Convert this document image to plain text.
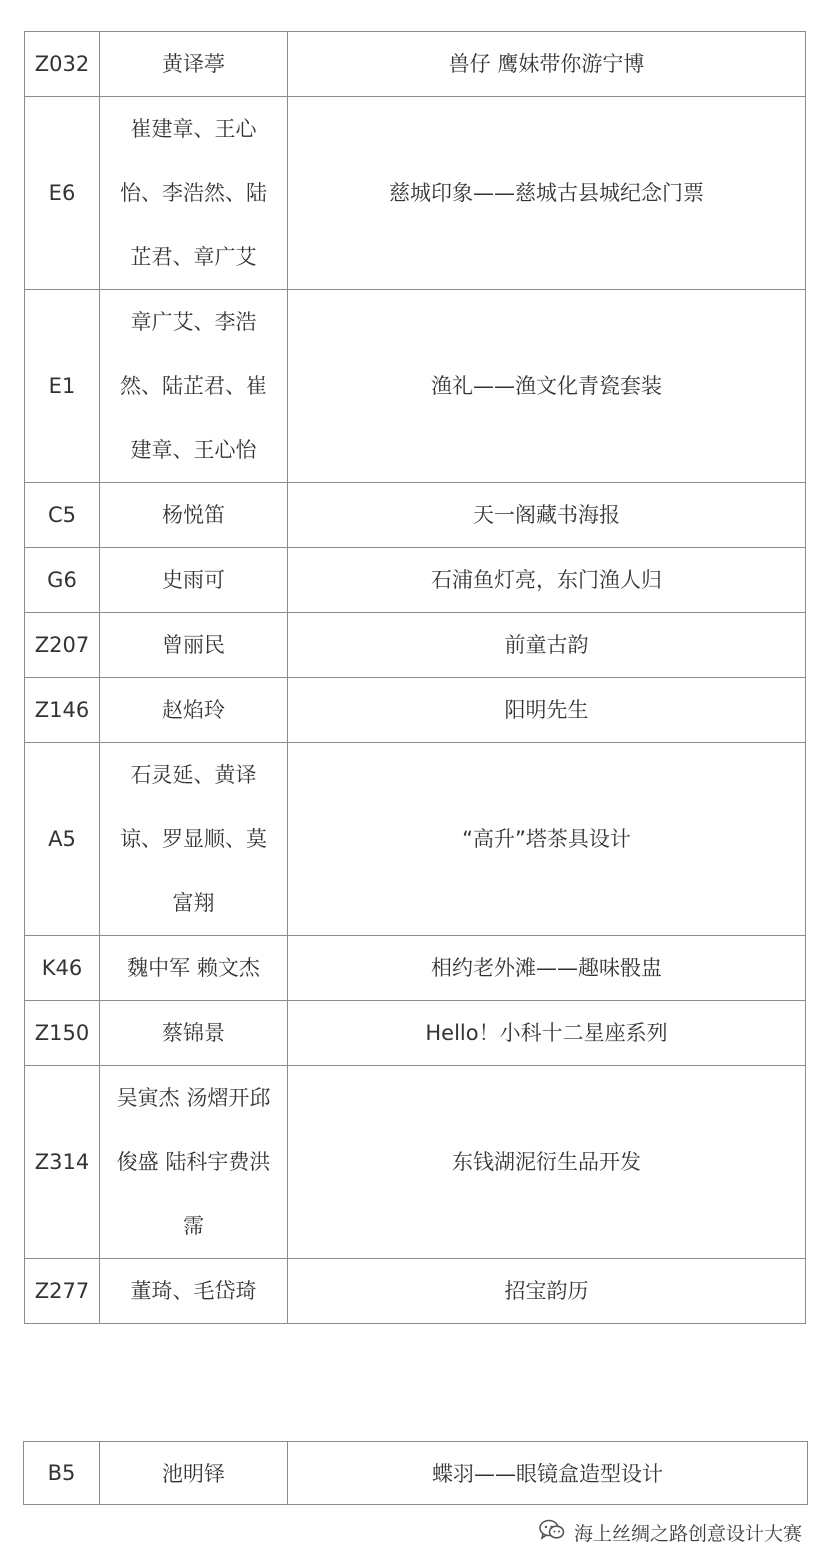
Z032	黄译葶	兽仔 鹰妹带你游宁博
E6	崔建章、王心怡、李浩然、陆芷君、章广艾	慈城印象——慈城古县城纪念门票
E1	章广艾、李浩然、陆芷君、崔建章、王心怡	渔礼——渔文化青瓷套装
C5	杨悦笛	天一阁藏书海报
G6	史雨可	石浦鱼灯亮，东门渔人归
Z207	曾丽民	前童古韵
Z146	赵焰玲	阳明先生
A5	石灵延、黄译谅、罗显顺、莫富翔	“高升”塔茶具设计
K46	魏中军 赖文杰	相约老外滩——趣味骰盅
Z150	蔡锦景	Hello！小科十二星座系列
Z314	吴寅杰 汤熠开邱俊盛 陆科宇费洪霈	东钱湖泥衍生品开发
Z277	董琦、毛岱琦	招宝韵历
B5	池明铎	蝶羽——眼镜盒造型设计
海上丝绸之路创意设计大赛
